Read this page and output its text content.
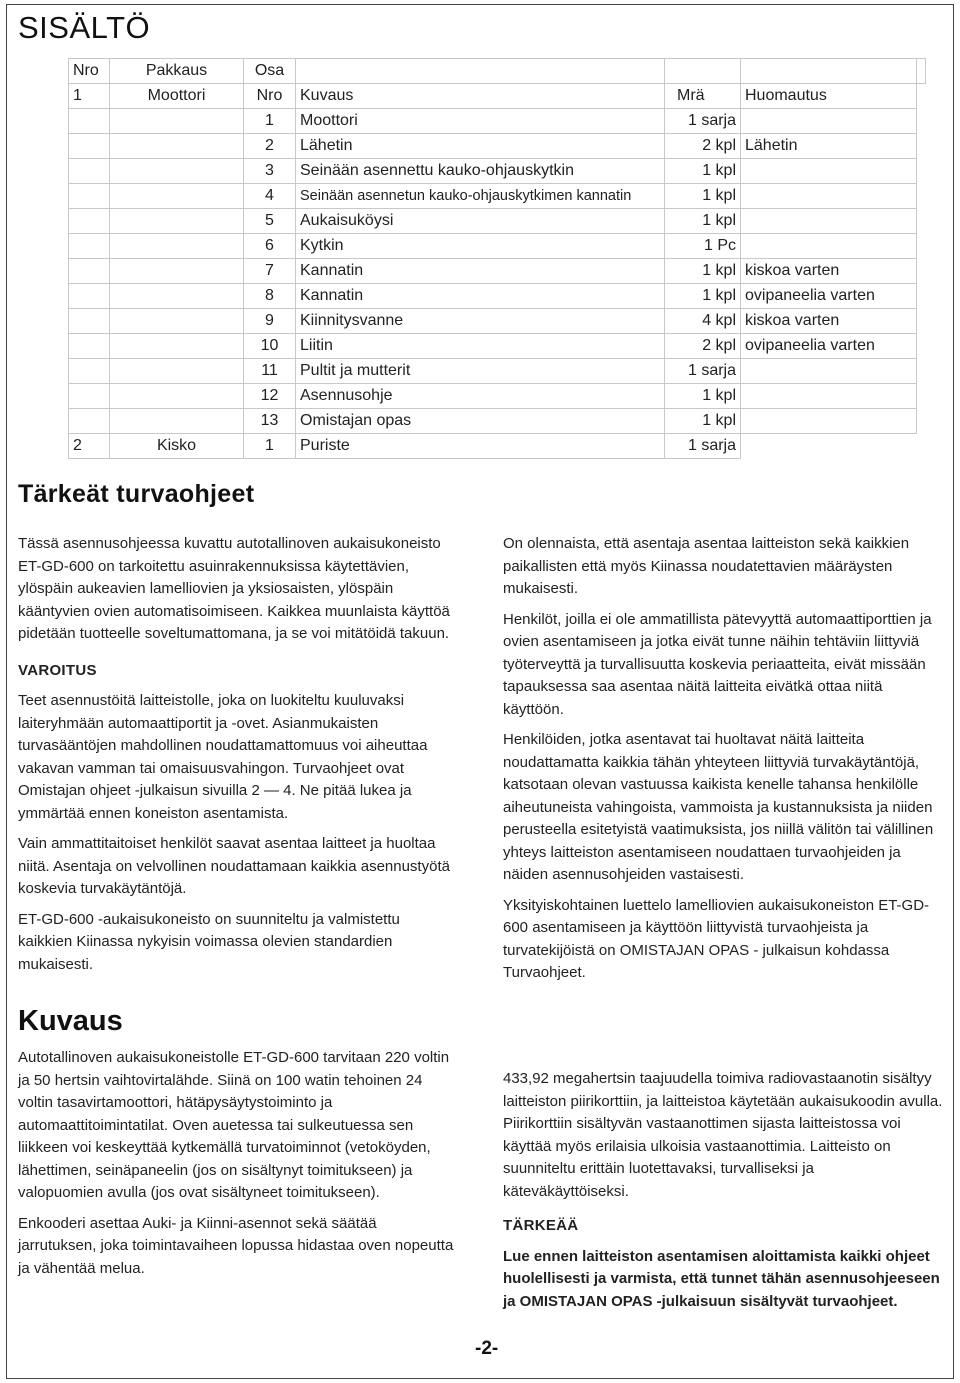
SISÄLTÖ
Nro	Pakkaus	Osa				
1	Moottori	Nro	Kuvaus	Mrä	Huomautus	
		1	Moottori	1 sarja		
		2	Lähetin	2 kpl	Lähetin	
		3	Seinään asennettu kauko-ohjauskytkin	1 kpl		
		4	Seinään asennetun kauko-ohjauskytkimen kannatin	1 kpl		
		5	Aukaisuköysi	1 kpl		
		6	Kytkin	1 Pc		
		7	Kannatin	1 kpl	kiskoa varten	
		8	Kannatin	1 kpl	ovipaneelia varten	
		9	Kiinnitysvanne	4 kpl	kiskoa varten	
		10	Liitin	2 kpl	ovipaneelia varten	
		11	Pultit ja mutterit	1 sarja		
		12	Asennusohje	1 kpl		
		13	Omistajan opas	1 kpl		
2	Kisko	1	Puriste	1 sarja		
Tärkeät turvaohjeet

Tässä asennusohjeessa kuvattu autotallinoven aukaisukoneisto ET-GD-600 on tarkoitettu asuinrakennuksissa käytettävien, ylöspäin aukeavien lamelliovien ja yksiosaisten, ylöspäin kääntyvien ovien automatisoimiseen. Kaikkea muunlaista käyttöä pidetään tuotteelle soveltumattomana, ja se voi mitätöidä takuun.

VAROITUS

Teet asennustöitä laitteistolle, joka on luokiteltu kuuluvaksi laiteryhmään automaattiportit ja -ovet. Asianmukaisten turvasääntöjen mahdollinen noudattamattomuus voi aiheuttaa vakavan vamman tai omaisuusvahingon. Turvaohjeet ovat Omistajan ohjeet -julkaisun sivuilla 2 — 4. Ne pitää lukea ja ymmärtää ennen koneiston asentamista.

Vain ammattitaitoiset henkilöt saavat asentaa laitteet ja huoltaa niitä. Asentaja on velvollinen noudattamaan kaikkia asennustyötä koskevia turvakäytäntöjä.

ET-GD-600 -aukaisukoneisto on suunniteltu ja valmistettu kaikkien Kiinassa nykyisin voimassa olevien standardien mukaisesti.

On olennaista, että asentaja asentaa laitteiston sekä kaikkien paikallisten että myös Kiinassa noudatettavien määräysten mukaisesti.

Henkilöt, joilla ei ole ammatillista pätevyyttä automaattiporttien ja ovien asentamiseen ja jotka eivät tunne näihin tehtäviin liittyviä työterveyttä ja turvallisuutta koskevia periaatteita, eivät missään tapauksessa saa asentaa näitä laitteita eivätkä ottaa niitä käyttöön.

Henkilöiden, jotka asentavat tai huoltavat näitä laitteita noudattamatta kaikkia tähän yhteyteen liittyviä turvakäytäntöjä, katsotaan olevan vastuussa kaikista kenelle tahansa henkilölle aiheutuneista vahingoista, vammoista ja kustannuksista ja niiden perusteella esitetyistä vaatimuksista, jos niillä välitön tai välillinen yhteys laitteiston asentamiseen noudattaen turvaohjeiden ja näiden asennusohjeiden vastaisesti.

Yksityiskohtainen luettelo lamelliovien aukaisukoneiston ET-GD-600 asentamiseen ja käyttöön liittyvistä turvaohjeista ja turvatekijöistä on OMISTAJAN OPAS - julkaisun kohdassa Turvaohjeet.

Kuvaus

Autotallinoven aukaisukoneistolle ET-GD-600 tarvitaan 220 voltin ja 50 hertsin vaihtovirtalähde. Siinä on 100 watin tehoinen 24 voltin tasavirtamoottori, hätäpysäytystoiminto ja automaattitoimintatilat. Oven auetessa tai sulkeutuessa sen liikkeen voi keskeyttää kytkemällä turvatoiminnot (vetoköyden, lähettimen, seinäpaneelin (jos on sisältynyt toimitukseen) ja valopuomien avulla (jos ovat sisältyneet toimitukseen).

Enkooderi asettaa Auki- ja Kiinni-asennot sekä säätää jarrutuksen, joka toimintavaiheen lopussa hidastaa oven nopeutta ja vähentää melua.

433,92 megahertsin taajuudella toimiva radiovastaanotin sisältyy laitteiston piirikorttiin, ja laitteistoa käytetään aukaisukoodin avulla. Piirikorttiin sisältyvän vastaanottimen sijasta laitteistossa voi käyttää myös erilaisia ulkoisia vastaanottimia. Laitteisto on suunniteltu erittäin luotettavaksi, turvalliseksi ja käteväkäyttöiseksi.

TÄRKEÄÄ

Lue ennen laitteiston asentamisen aloittamista kaikki ohjeet huolellisesti ja varmista, että tunnet tähän asennusohjeeseen ja OMISTAJAN OPAS -julkaisuun sisältyvät turvaohjeet.

-2-
